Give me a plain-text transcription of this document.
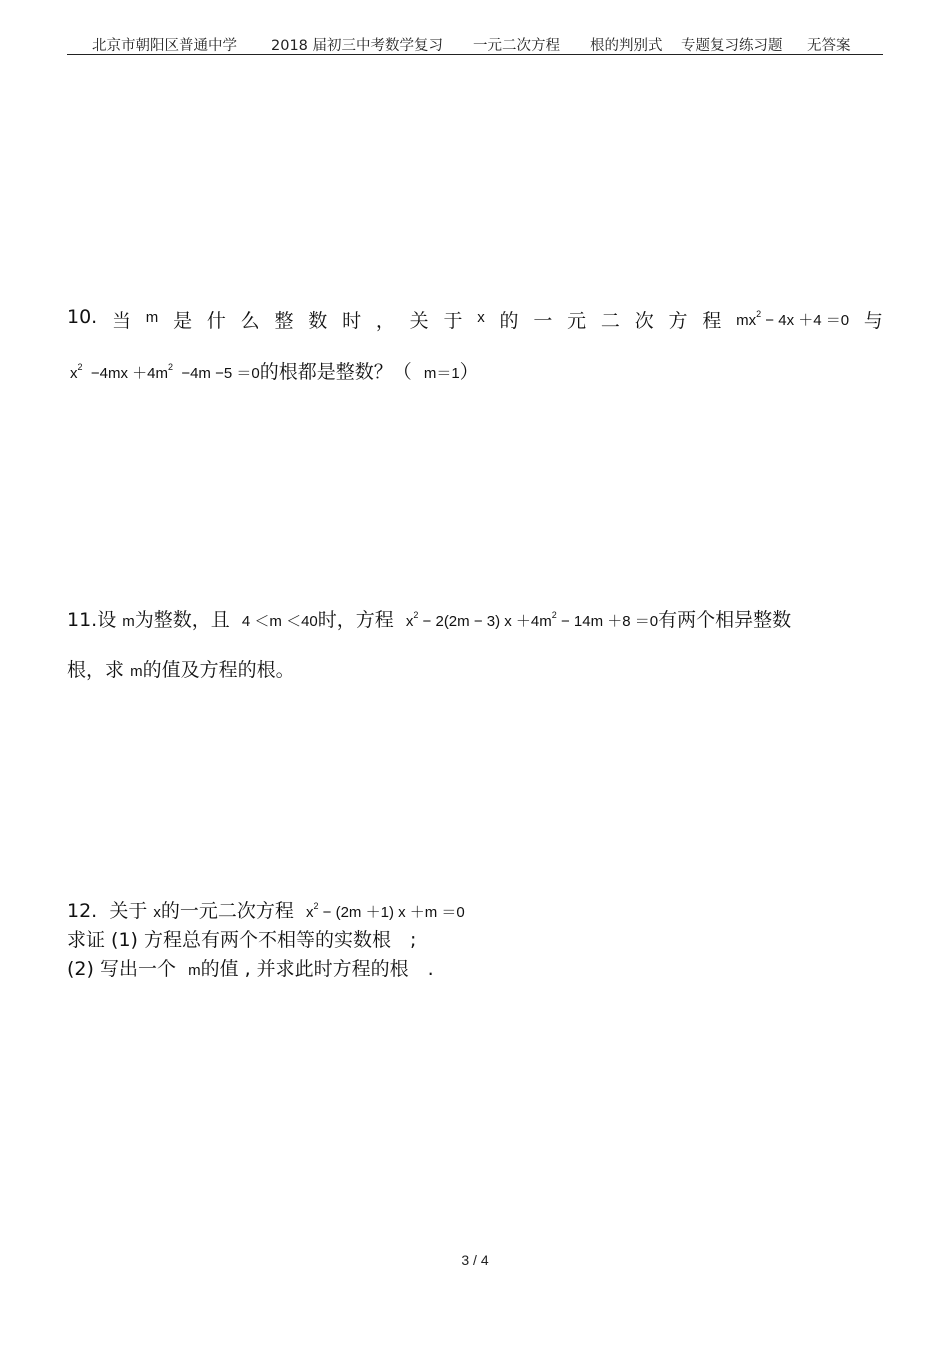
北京市朝阳区普通中学 2018 届初三中考数学复习 一元二次方程 根的判别式 专题复习练习题 无答案
10. 当 m 是 什 么 整 数 时 ， 关 于 x 的 一 元 二 次 方 程 $mx^2 - 4x +4 =0$ 与
$x^2 -4mx +4m^2 -4m -5 =0$的根都是整数？（ m＝1）
11.设 m为整数，且 4 ＜m ＜40时，方程 $x^2 - 2(2m - 3)$ $x +4m^2 - 14m +8 =0$有两个相异整数
根，求 m的值及方程的根。
12. 关于 x的一元二次方程 $x^2 - (2m +1)$ x ＋m ＝0
求证 (1) 方程总有两个不相等的实数根　;
(2) 写出一个 m的值 , 并求此时方程的根　.
3 / 4
